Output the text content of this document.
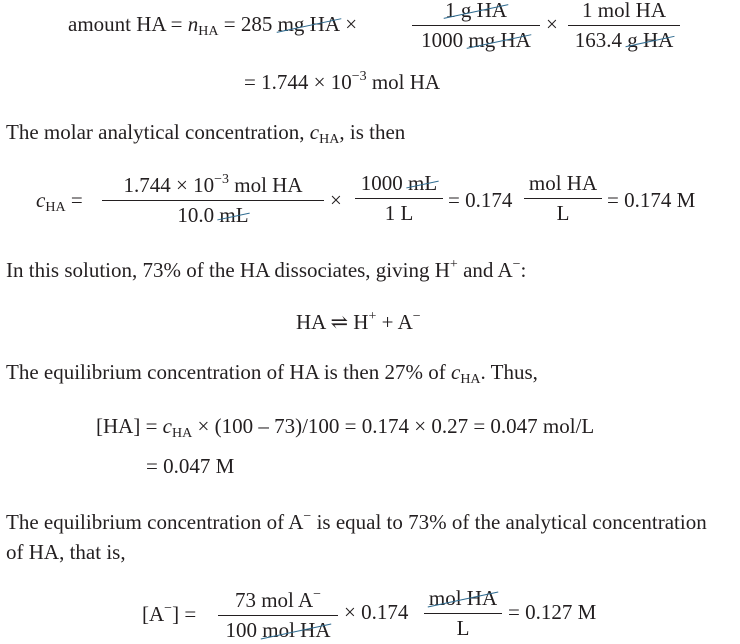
amount HA = $n_{HA} = 285$ mg HA ×
1 g HA
1000 mg HA
×
1 mol HA
163.4 g HA
= $1.744 \times 10^{-3}$ mol HA
The molar analytical concentration, $c_{HA}$, is then
$c_{HA}$ =
$1.744 \times 10^{-3}$ mol HA
10.0 mL
×
1000 mL
1 L
= 0.174
mol HA
L
= 0.174 M
In this solution, 73% of the HA dissociates, giving H+ and A−:
HA ⇌ H+ + A−
The equilibrium concentration of HA is then 27% of $c_{HA}$. Thus,
$[HA] = c_{HA} \times (100 - 73)/100 = 0.174 \times 0.27 = 0.047$ mol/L
= 0.047 M
The equilibrium concentration of A− is equal to 73% of the analytical concentration
of HA, that is,
[A−] =
73 mol A−
100 mol HA
× 0.174
mol HA
L
= 0.127 M
